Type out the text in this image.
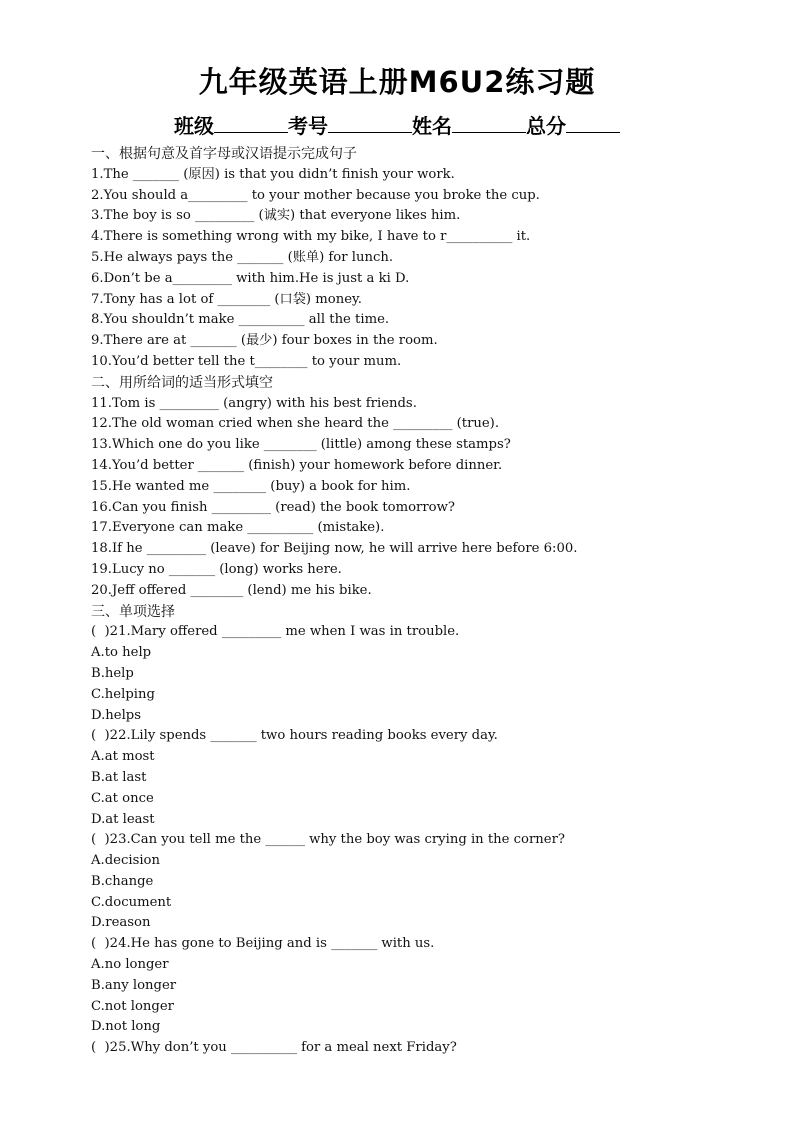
九年级英语上册M6U2练习题
班级	考号	姓名	总分
一、根据句意及首字母或汉语提示完成句子
1.The _______ (原因) is that you didn’t finish your work.
2.You should a_________ to your mother because you broke the cup.
3.The boy is so _________ (诚实) that everyone likes him.
4.There is something wrong with my bike, I have to r__________ it.
5.He always pays the _______ (账单) for lunch.
6.Don’t be a_________ with him.He is just a ki D.
7.Tony has a lot of ________ (口袋) money.
8.You shouldn’t make __________ all the time.
9.There are at _______ (最少) four boxes in the room.
10.You’d better tell the t________ to your mum.
二、用所给词的适当形式填空
11.Tom is _________ (angry) with his best friends.
12.The old woman cried when she heard the _________ (true).
13.Which one do you like ________ (little) among these stamps?
14.You’d better _______ (finish) your homework before dinner.
15.He wanted me ________ (buy) a book for him.
16.Can you finish _________ (read) the book tomorrow?
17.Everyone can make __________ (mistake).
18.If he _________ (leave) for Beijing now, he will arrive here before 6:00.
19.Lucy no _______ (long) works here.
20.Jeff offered ________ (lend) me his bike.
三、单项选择
(  )21.Mary offered _________ me when I was in trouble.
A.to help
B.help
C.helping
D.helps
(  )22.Lily spends _______ two hours reading books every day.
A.at most
B.at last
C.at once
D.at least
(  )23.Can you tell me the ______ why the boy was crying in the corner?
A.decision
B.change
C.document
D.reason
(  )24.He has gone to Beijing and is _______ with us.
A.no longer
B.any longer
C.not longer
D.not long
(  )25.Why don’t you __________ for a meal next Friday?
